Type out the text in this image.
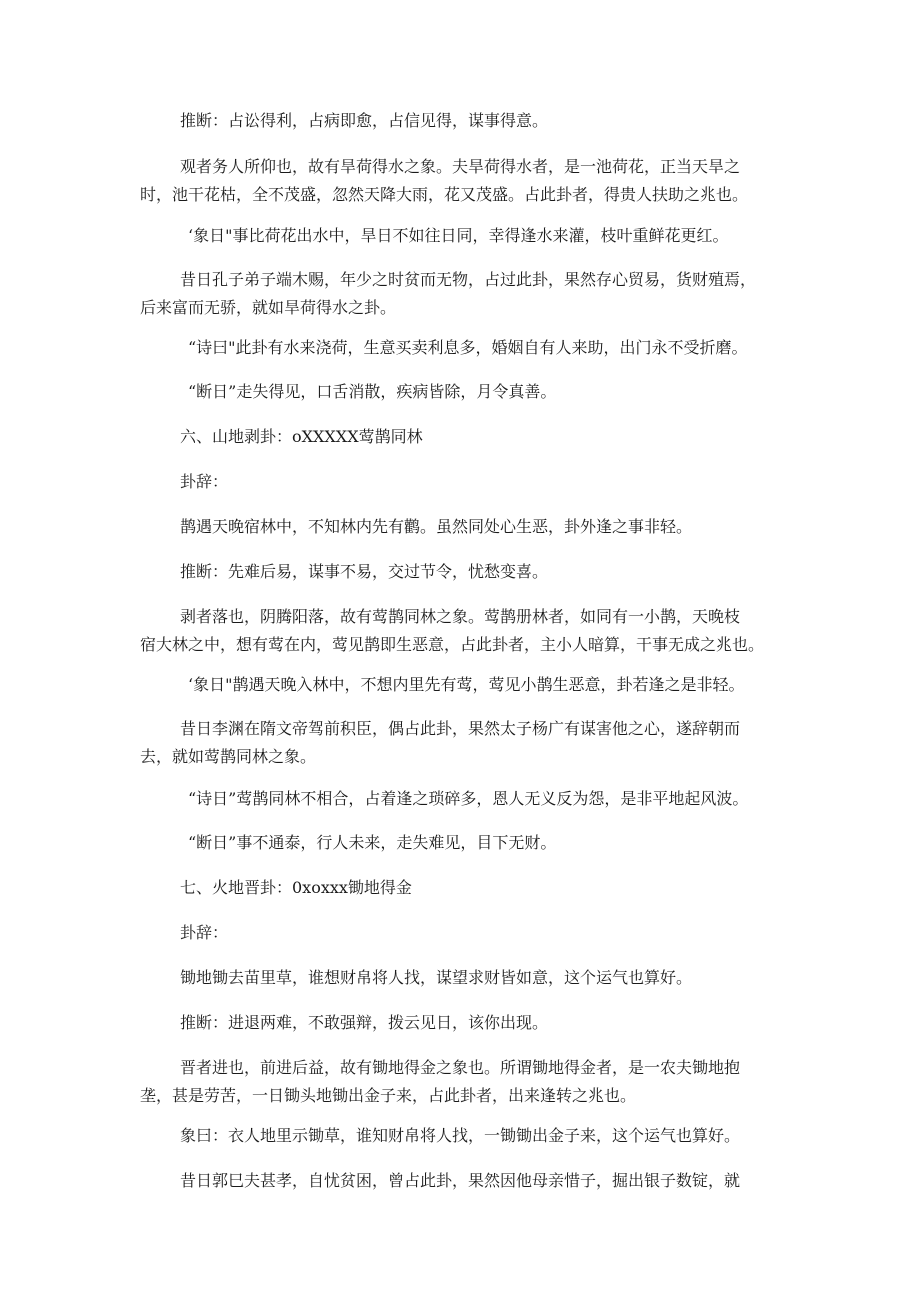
推断：占讼得利，占病即愈，占信见得，谋事得意。

观者务人所仰也，故有旱荷得水之象。夫旱荷得水者，是一池荷花，正当天旱之
时，池干花枯，全不茂盛，忽然天降大雨，花又茂盛。占此卦者，得贵人扶助之兆也。

‘象日"事比荷花出水中，旱日不如往日同，幸得逢水来灌，枝叶重鲜花更红。

昔日孔子弟子端木赐，年少之时贫而无物，占过此卦，果然存心贸易，货财殖焉，
后来富而无骄，就如旱荷得水之卦。

“诗曰"此卦有水来浇荷，生意买卖利息多，婚姻自有人来助，出门永不受折磨。

“断日”走失得见，口舌消散，疾病皆除，月令真善。

六、山地剥卦：oXXXXX莺鹊同林

卦辞：

鹊遇天晚宿林中，不知林内先有鹳。虽然同处心生恶，卦外逢之事非轻。

推断：先难后易，谋事不易，交过节令，忧愁变喜。

剥者落也，阴腾阳落，故有莺鹊同林之象。莺鹊册林者，如同有一小鹊，天晚枝
宿大林之中，想有莺在内，莺见鹊即生恶意，占此卦者，主小人暗算，干事无成之兆也。

‘象日"鹊遇天晚入林中，不想内里先有莺，莺见小鹊生恶意，卦若逢之是非轻。

昔日李渊在隋文帝驾前积臣，偶占此卦，果然太子杨广有谋害他之心，遂辞朝而
去，就如莺鹊同林之象。

“诗日”莺鹊同林不相合，占着逢之琐碎多，恩人无义反为怨，是非平地起风波。

“断日”事不通泰，行人未来，走失难见，目下无财。

七、火地晋卦：0xoxxx锄地得金

卦辞：

锄地锄去苗里草，谁想财帛将人找，谋望求财皆如意，这个运气也算好。

推断：进退两难，不敢强辩，拨云见日，该你出现。

晋者进也，前进后益，故有锄地得金之象也。所谓锄地得金者，是一农夫锄地抱
垄，甚是劳苦，一日锄头地锄出金子来，占此卦者，出来逢转之兆也。

象曰：衣人地里示锄草，谁知财帛将人找，一锄锄出金子来，这个运气也算好。

昔日郭巳夫甚孝，自忧贫困，曾占此卦，果然因他母亲惜子，掘出银子数锭，就
